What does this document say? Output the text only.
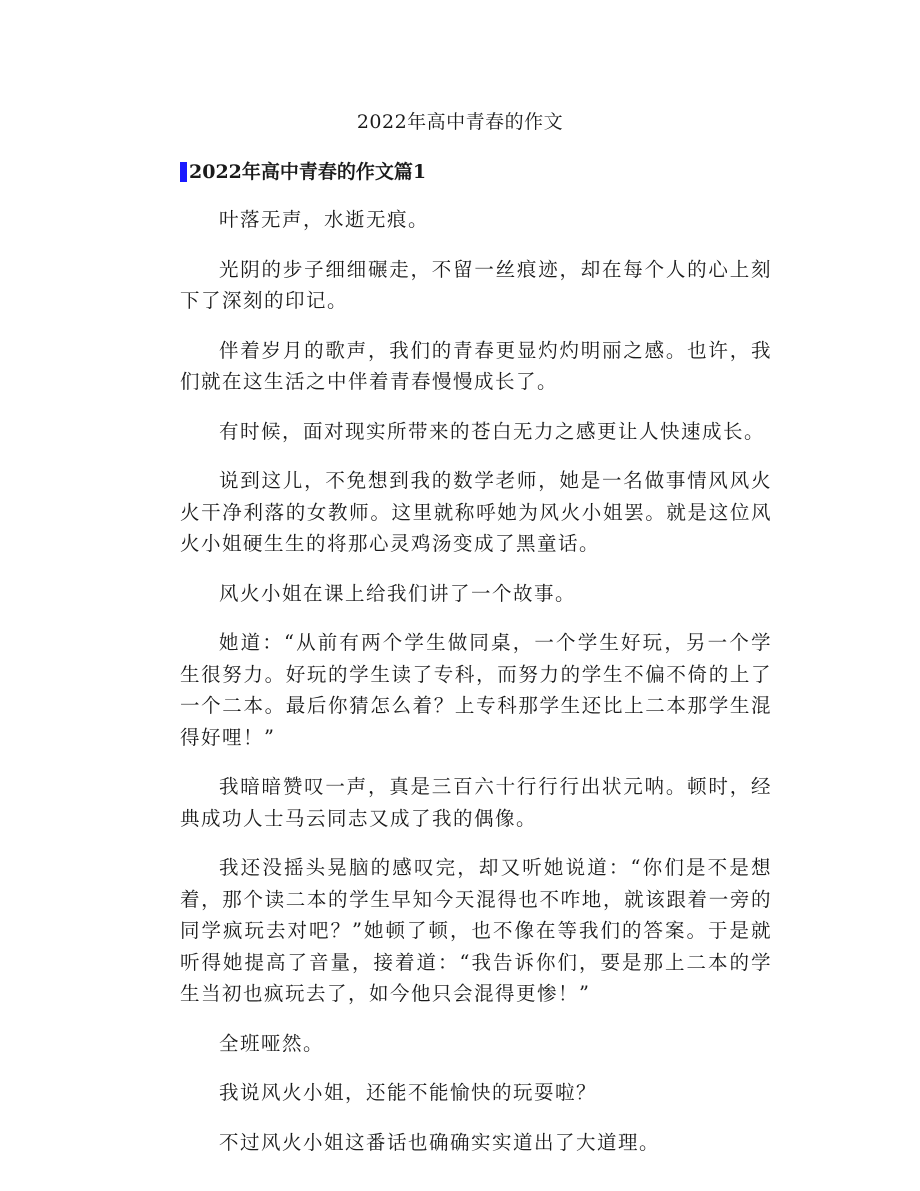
2022年高中青春的作文
2022年高中青春的作文篇1

叶落无声，水逝无痕。

光阴的步子细细碾走，不留一丝痕迹，却在每个人的心上刻下了深刻的印记。

伴着岁月的歌声，我们的青春更显灼灼明丽之感。也许，我们就在这生活之中伴着青春慢慢成长了。

有时候，面对现实所带来的苍白无力之感更让人快速成长。

说到这儿，不免想到我的数学老师，她是一名做事情风风火火干净利落的女教师。这里就称呼她为风火小姐罢。就是这位风火小姐硬生生的将那心灵鸡汤变成了黑童话。

风火小姐在课上给我们讲了一个故事。

她道：“从前有两个学生做同桌，一个学生好玩，另一个学生很努力。好玩的学生读了专科，而努力的学生不偏不倚的上了一个二本。最后你猜怎么着？上专科那学生还比上二本那学生混得好哩！”

我暗暗赞叹一声，真是三百六十行行行出状元呐。顿时，经典成功人士马云同志又成了我的偶像。

我还没摇头晃脑的感叹完，却又听她说道：“你们是不是想着，那个读二本的学生早知今天混得也不咋地，就该跟着一旁的同学疯玩去对吧？”她顿了顿，也不像在等我们的答案。于是就听得她提高了音量，接着道：“我告诉你们，要是那上二本的学生当初也疯玩去了，如今他只会混得更惨！”

全班哑然。

我说风火小姐，还能不能愉快的玩耍啦？

不过风火小姐这番话也确确实实道出了大道理。
